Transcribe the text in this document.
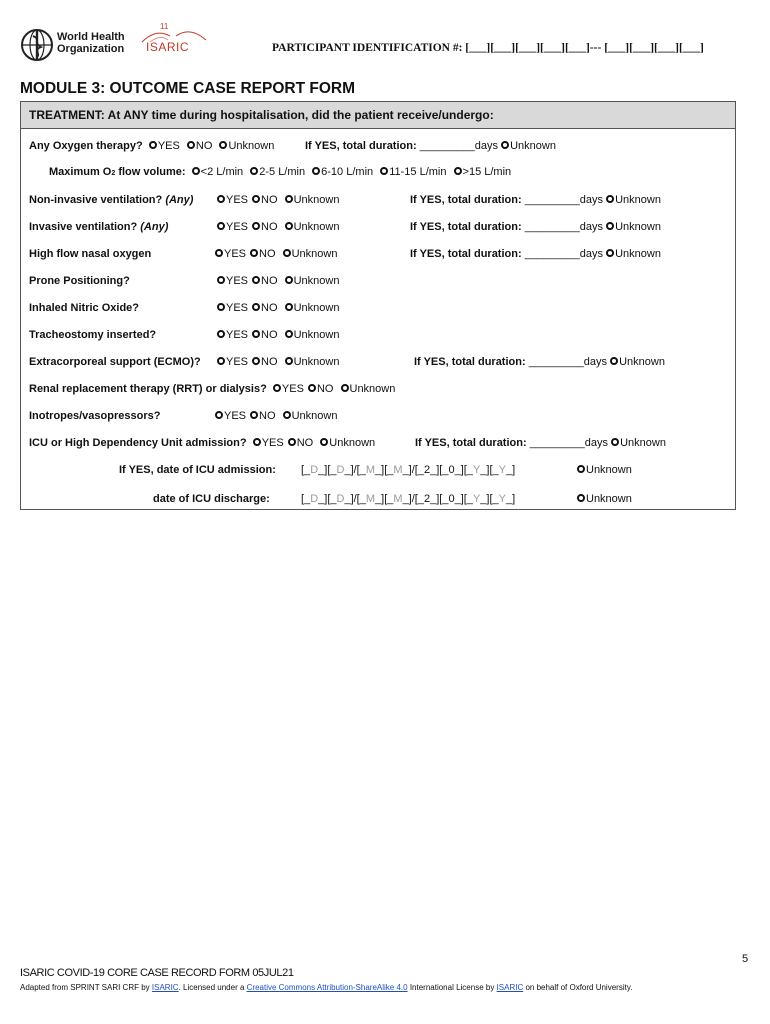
World Health
Organization
11
ISARIC	PARTICIPANT IDENTIFICATION #: [___][___][___][___][___]--- [___][___][___][___]
MODULE 3: OUTCOME CASE REPORT FORM
TREATMENT: At ANY time during hospitalisation, did the patient receive/undergo:
Any Oxygen therapy? YES NO Unknown	If YES, total duration: _________days Unknown
Maximum O2 flow volume: <2 L/min 2-5 L/min 6-10 L/min 11-15 L/min >15 L/min
Non-invasive ventilation? (Any)	YES NO Unknown	If YES, total duration: _________days Unknown
Invasive ventilation? (Any)	YES NO Unknown	If YES, total duration: _________days Unknown
High flow nasal oxygen	YES NO Unknown	If YES, total duration: _________days Unknown
Prone Positioning?	YES NO Unknown
Inhaled Nitric Oxide?	YES NO Unknown
Tracheostomy inserted?	YES NO Unknown
Extracorporeal support (ECMO)?	YES NO Unknown	If YES, total duration: _________days Unknown
Renal replacement therapy (RRT) or dialysis? YES NO Unknown
Inotropes/vasopressors?	YES NO Unknown
ICU or High Dependency Unit admission? YES NO Unknown	If YES, total duration: _________days Unknown
If YES, date of ICU admission: [_D_][_D_]/[_M_][_M_]/[_2_][_0_][_Y_][_Y_]	Unknown
date of ICU discharge:	[_D_][_D_]/[_M_][_M_]/[_2_][_0_][_Y_][_Y_]	Unknown
5
ISARIC COVID-19 CORE CASE RECORD FORM 05JUL21
Adapted from SPRINT SARI CRF by ISARIC. Licensed under a Creative Commons Attribution-ShareAlike 4.0 International License by ISARIC on behalf of Oxford University.
